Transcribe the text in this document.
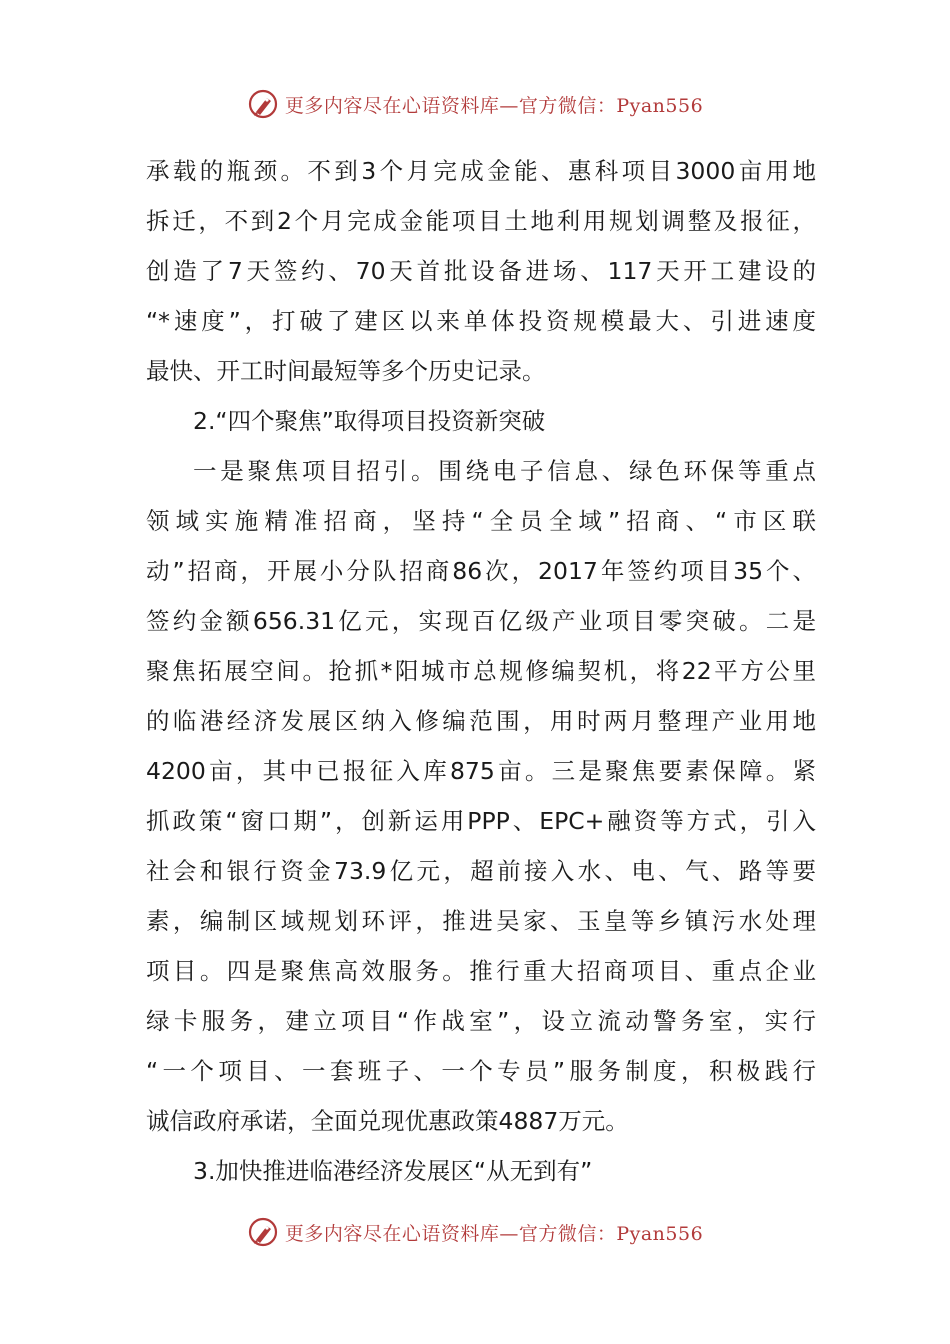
更多内容尽在心语资料库—官方微信：Pyan556
承载的瓶颈。不到3个月完成金能、惠科项目3000亩用地
拆迁，不到2个月完成金能项目土地利用规划调整及报征，
创造了7天签约、70天首批设备进场、117天开工建设的
“*速度”，打破了建区以来单体投资规模最大、引进速度
最快、开工时间最短等多个历史记录。
2.“四个聚焦”取得项目投资新突破
一是聚焦项目招引。围绕电子信息、绿色环保等重点
领域实施精准招商，坚持“全员全域”招商、“市区联
动”招商，开展小分队招商86次，2017年签约项目35个、
签约金额656.31亿元，实现百亿级产业项目零突破。二是
聚焦拓展空间。抢抓*阳城市总规修编契机，将22平方公里
的临港经济发展区纳入修编范围，用时两月整理产业用地
4200亩，其中已报征入库875亩。三是聚焦要素保障。紧
抓政策“窗口期”，创新运用PPP、EPC+融资等方式，引入
社会和银行资金73.9亿元，超前接入水、电、气、路等要
素，编制区域规划环评，推进吴家、玉皇等乡镇污水处理
项目。四是聚焦高效服务。推行重大招商项目、重点企业
绿卡服务，建立项目“作战室”，设立流动警务室，实行
“一个项目、一套班子、一个专员”服务制度，积极践行
诚信政府承诺，全面兑现优惠政策4887万元。
3.加快推进临港经济发展区“从无到有”
更多内容尽在心语资料库—官方微信：Pyan556
